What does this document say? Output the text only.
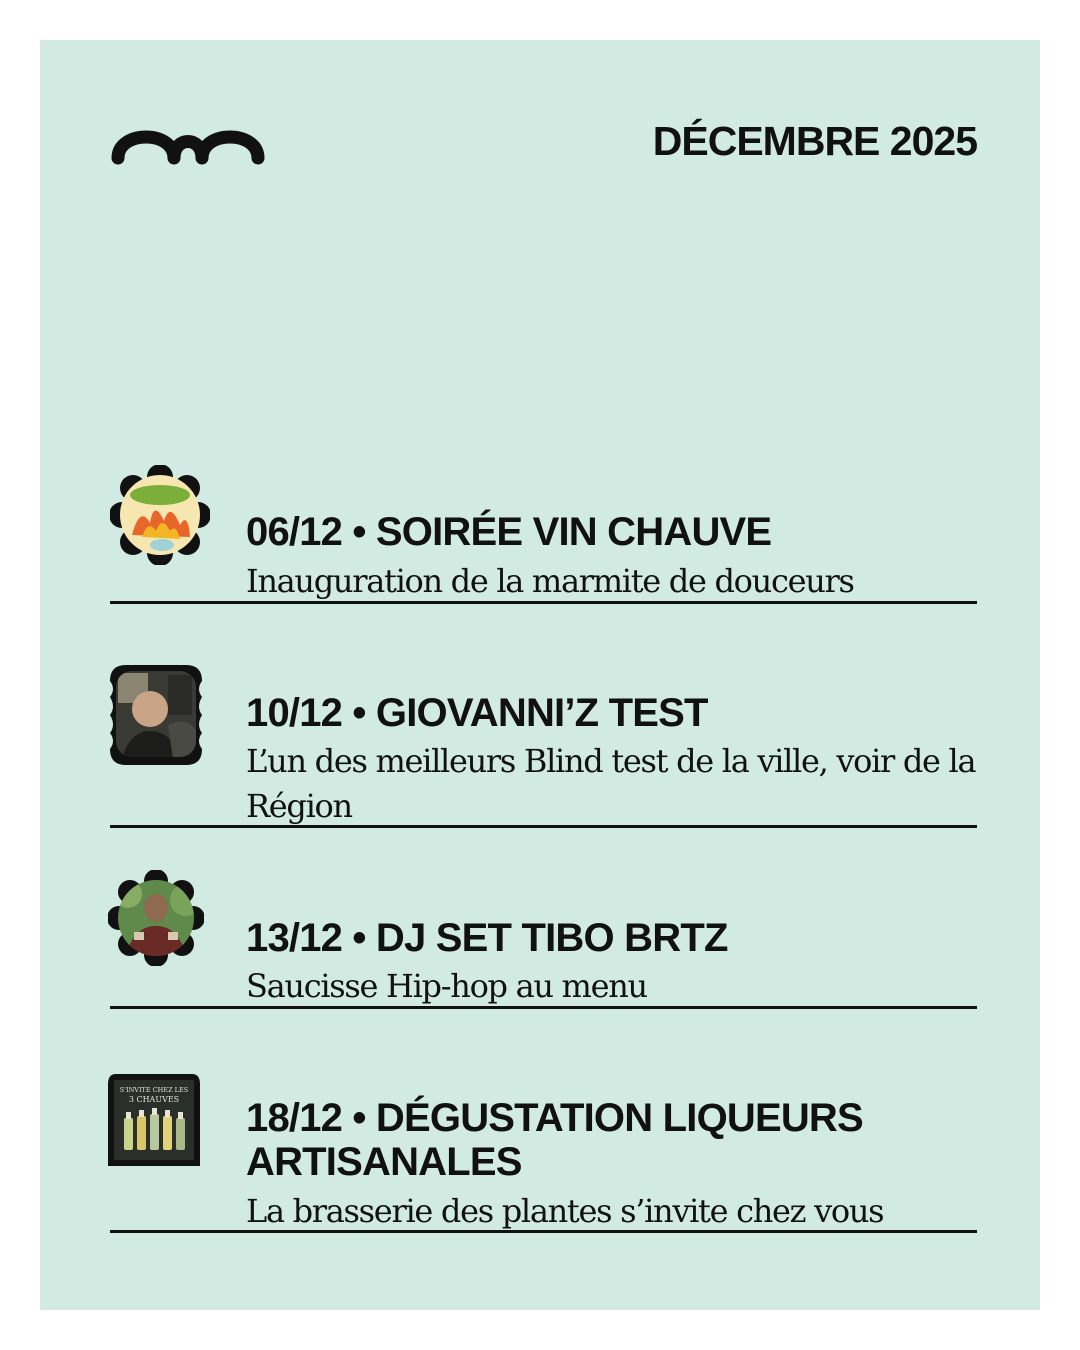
DÉCEMBRE 2025
06/12 • SOIRÉE VIN CHAUVE

Inauguration de la marmite de douceurs

10/12 • GIOVANNI’Z TEST

L’un des meilleurs Blind test de la ville, voir de la Région

13/12 • DJ SET TIBO BRTZ

Saucisse Hip-hop au menu

S'INVITE CHEZ LES
3 CHAUVES 18/12 • DÉGUSTATION LIQUEURS ARTISANALES

La brasserie des plantes s’invite chez vous
